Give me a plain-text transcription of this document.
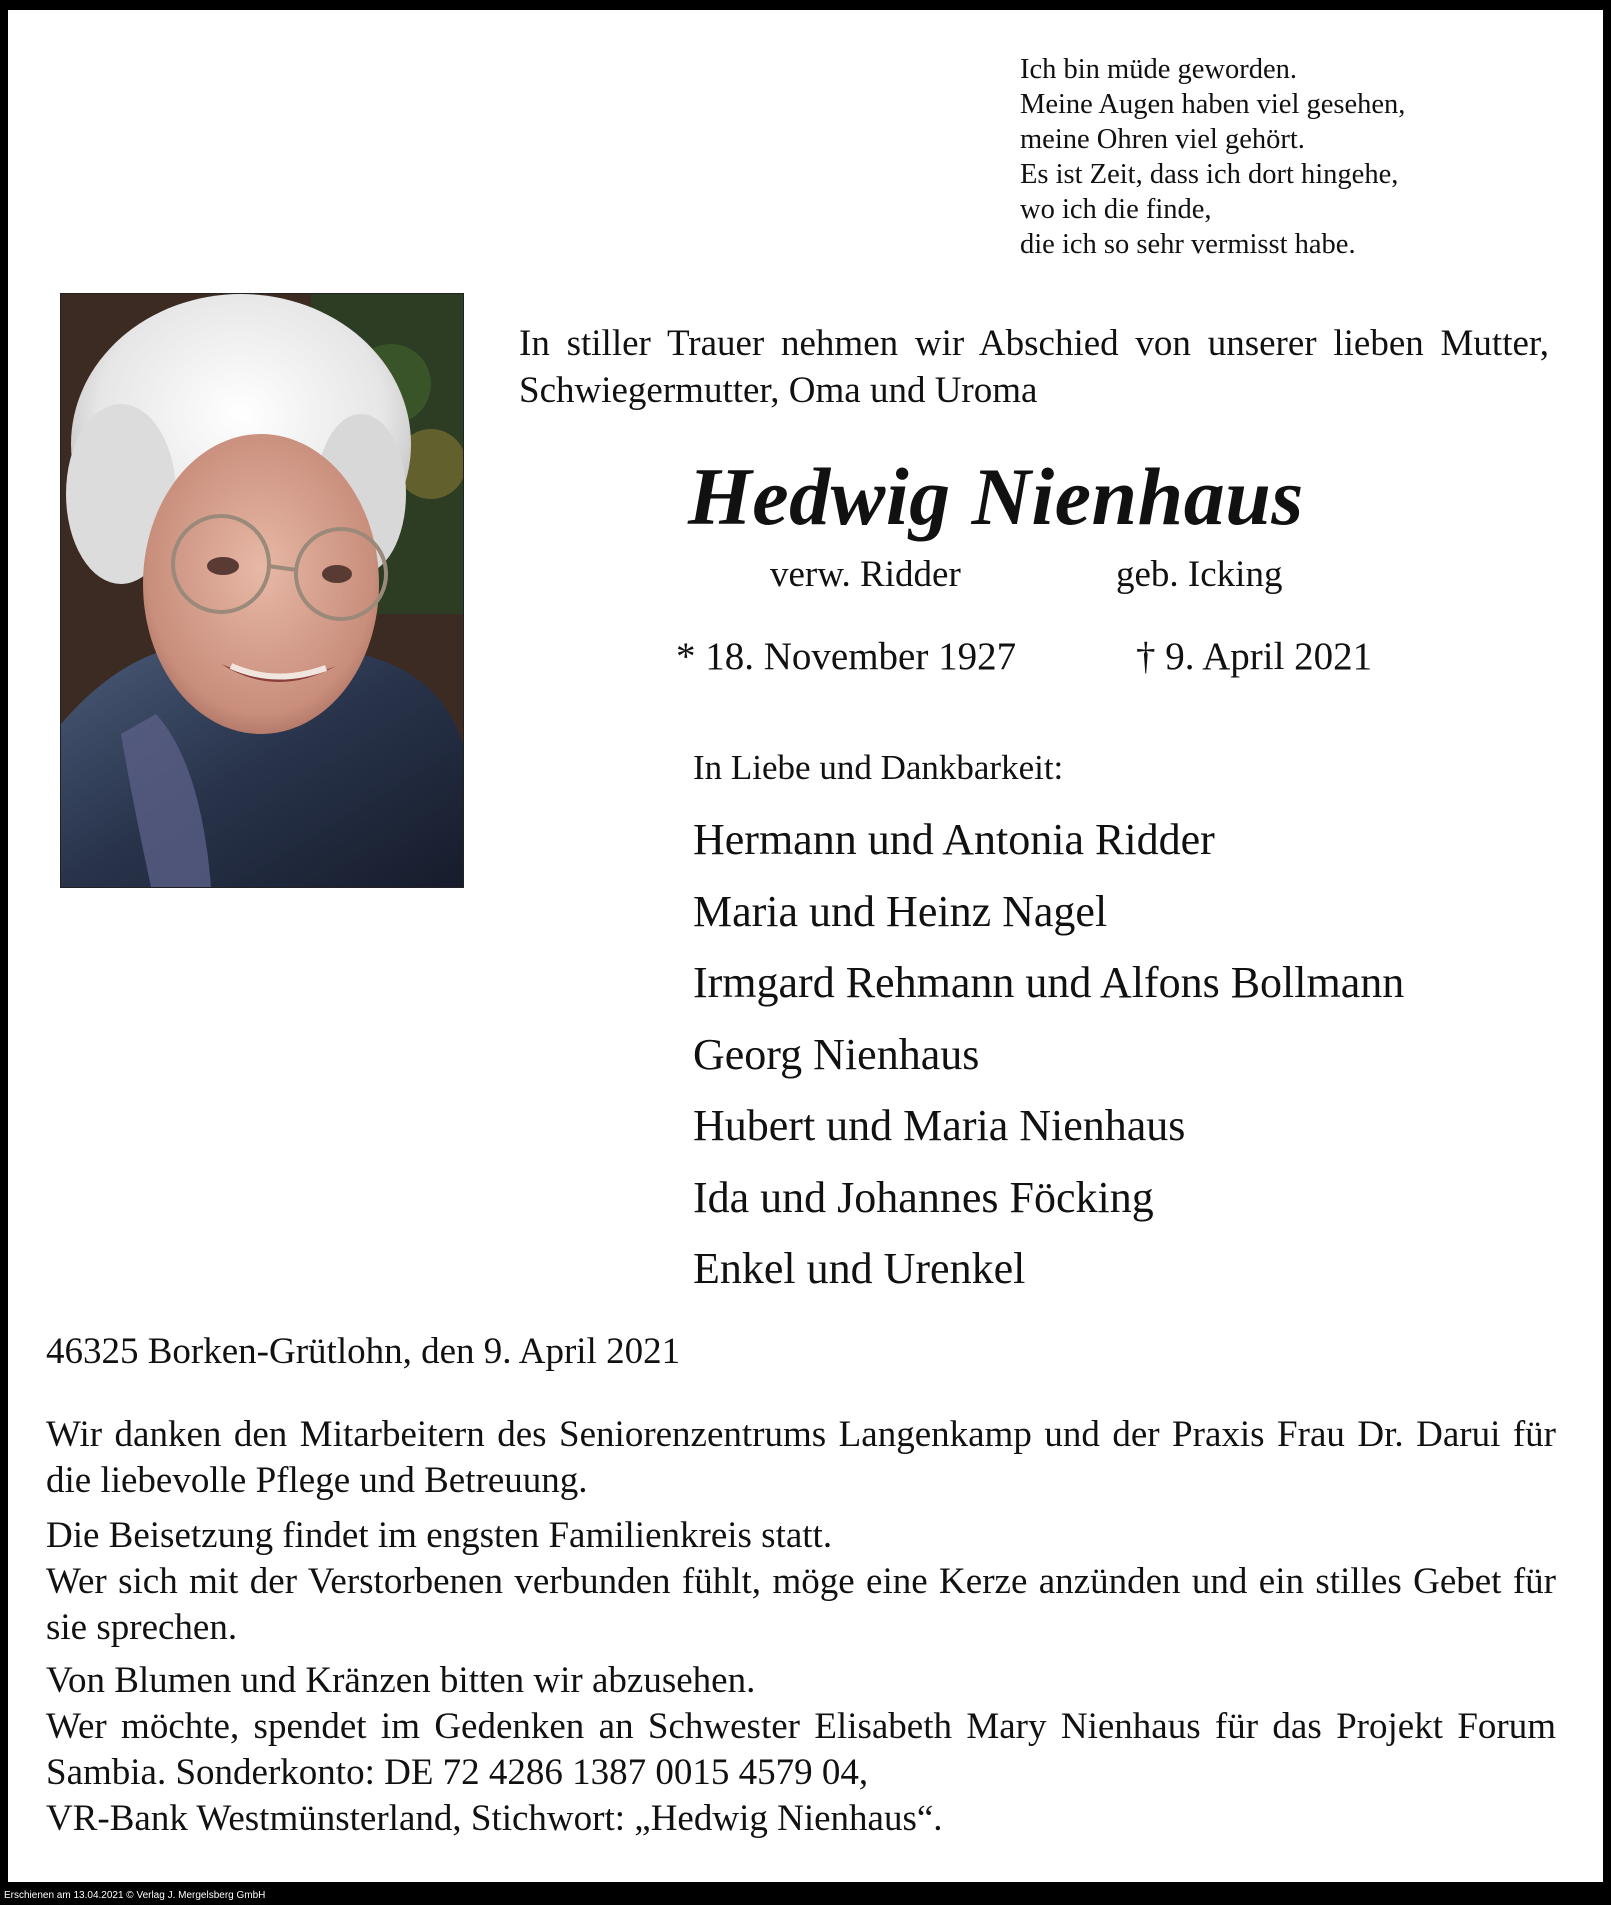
Ich bin müde geworden.
Meine Augen haben viel gesehen,
meine Ohren viel gehört.
Es ist Zeit, dass ich dort hingehe,
wo ich die finde,
die ich so sehr vermisst habe.
In stiller Trauer nehmen wir Abschied von unserer lieben Mutter, Schwiegermutter, Oma und Uroma
Hedwig Nienhaus
verw. Ridder	geb. Icking
* 18. November 1927	† 9. April 2021
In Liebe und Dankbarkeit:
Hermann und Antonia Ridder
Maria und Heinz Nagel
Irmgard Rehmann und Alfons Bollmann
Georg Nienhaus
Hubert und Maria Nienhaus
Ida und Johannes Föcking
Enkel und Urenkel
46325 Borken-Grütlohn, den 9. April 2021
Wir danken den Mitarbeitern des Seniorenzentrums Langenkamp und der Praxis Frau Dr. Darui für die liebevolle Pflege und Betreuung.
Die Beisetzung findet im engsten Familienkreis statt.
Wer sich mit der Verstorbenen verbunden fühlt, möge eine Kerze anzünden und ein stilles Gebet für sie sprechen.
Von Blumen und Kränzen bitten wir abzusehen.
Wer möchte, spendet im Gedenken an Schwester Elisabeth Mary Nienhaus für das Projekt Forum Sambia. Sonderkonto: DE 72 4286 1387 0015 4579 04,
VR-Bank Westmünsterland, Stichwort: „Hedwig Nienhaus“.
Erschienen am 13.04.2021 © Verlag J. Mergelsberg GmbH
